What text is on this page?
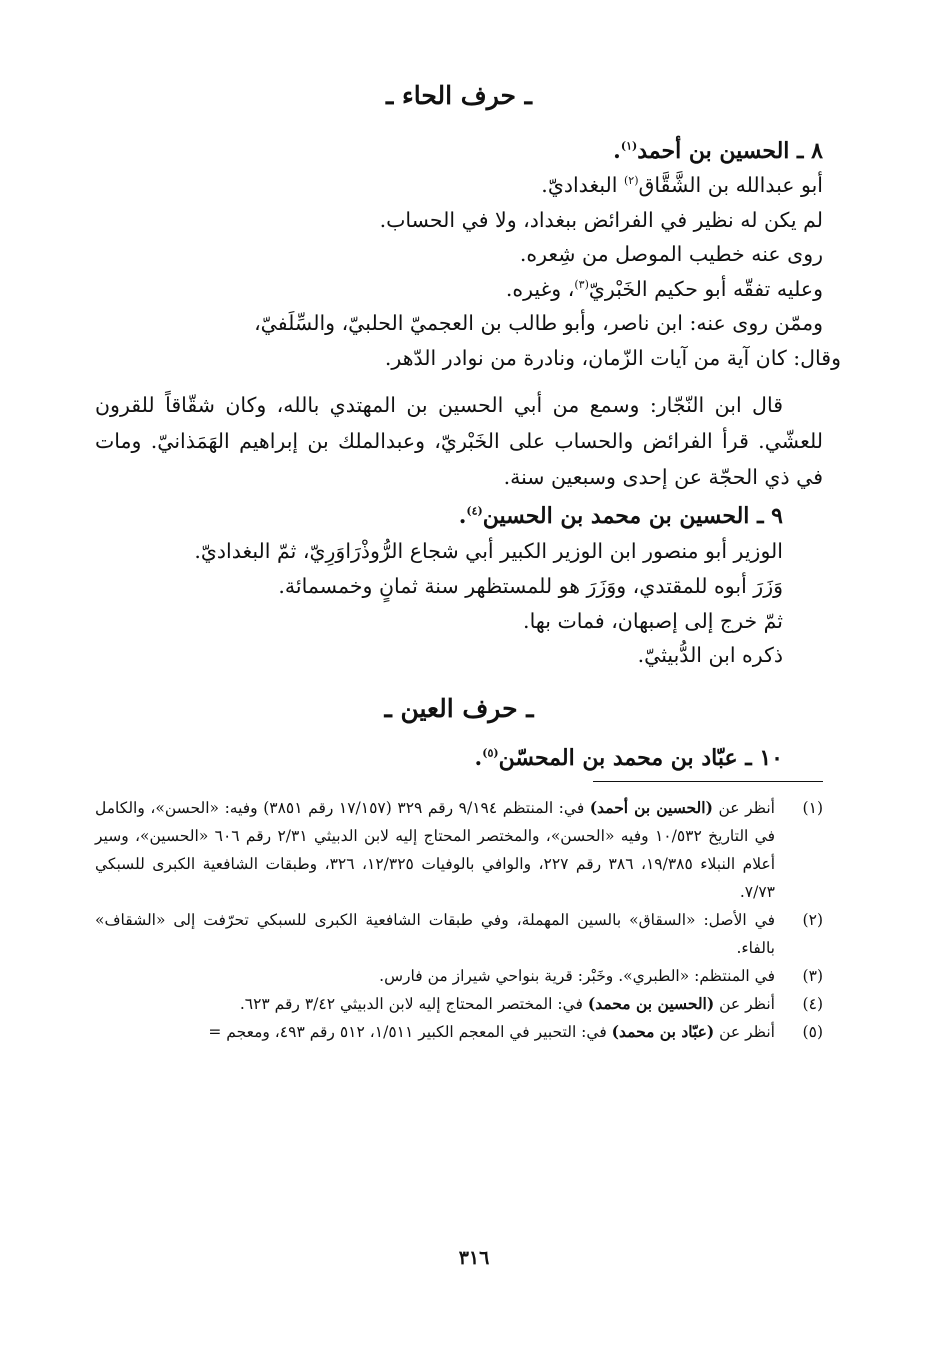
ـ حرف الحاء ـ

٨ ـ الحسين بن أحمد$^{(١)}$.

أبو عبدالله بن الشَّقَّاق$^{(٢)}$ البغداديّ.

لم يكن له نظير في الفرائض ببغداد، ولا في الحساب.

روى عنه خطيب الموصل من شِعره.

وعليه تفقّه أبو حكيم الخَبْريّ$^{(٣)}$، وغيره.

وممّن روى عنه: ابن ناصر، وأبو طالب بن العجميّ الحلبيّ، والسِّلَفيّ،

وقال: كان آية من آيات الزّمان، ونادرة من نوادر الدّهر.

قال ابن النّجّار: وسمع من أبي الحسين بن المهتدي بالله، وكان شقّاقاً للقرون للعشّي. قرأ الفرائض والحساب على الخَبْريّ، وعبدالملك بن إبراهيم الهَمَذانيّ. ومات في ذي الحجّة عن إحدى وسبعين سنة.

٩ ـ الحسين بن محمد بن الحسين$^{(٤)}$.

الوزير أبو منصور ابن الوزير الكبير أبي شجاع الرُّوذْرَاوَرِيّ، ثمّ البغداديّ.

وَزَرَ أبوه للمقتدي، ووَزَرَ هو للمستظهر سنة ثمانٍ وخمسمائة.

ثمّ خرج إلى إصبهان، فمات بها.

ذكره ابن الدُّبيثيّ.

ـ حرف العين ـ

١٠ ـ عبّاد بن محمد بن المحسّن$^{(٥)}$.

(١)
أنظر عن (الحسين بن أحمد) في: المنتظم ٩/١٩٤ رقم ٣٢٩ (١٧/١٥٧ رقم ٣٨٥١) وفيه: «الحسن»، والكامل في التاريخ ١٠/٥٣٢ وفيه «الحسن»، والمختصر المحتاج إليه لابن الدبيثي ٢/٣١ رقم ٦٠٦ «الحسين»، وسير أعلام النبلاء ١٩/٣٨٥، ٣٨٦ رقم ٢٢٧، والوافي بالوفيات ١٢/٣٢٥، ٣٢٦، وطبقات الشافعية الكبرى للسبكي ٧/٧٣.
(٢)
في الأصل: «السقاق» بالسين المهملة، وفي طبقات الشافعية الكبرى للسبكي تحرّفت إلى «الشقاف» بالفاء.
(٣)
في المنتظم: «الطبري». وخَبْر: قرية بنواحي شيراز من فارس.
(٤)
أنظر عن (الحسين بن محمد) في: المختصر المحتاج إليه لابن الدبيثي ٣/٤٢ رقم ٦٢٣.
(٥)
أنظر عن (عبّاد بن محمد) في: التحبير في المعجم الكبير ١/٥١١، ٥١٢ رقم ٤٩٣، ومعجم =
٣١٦
